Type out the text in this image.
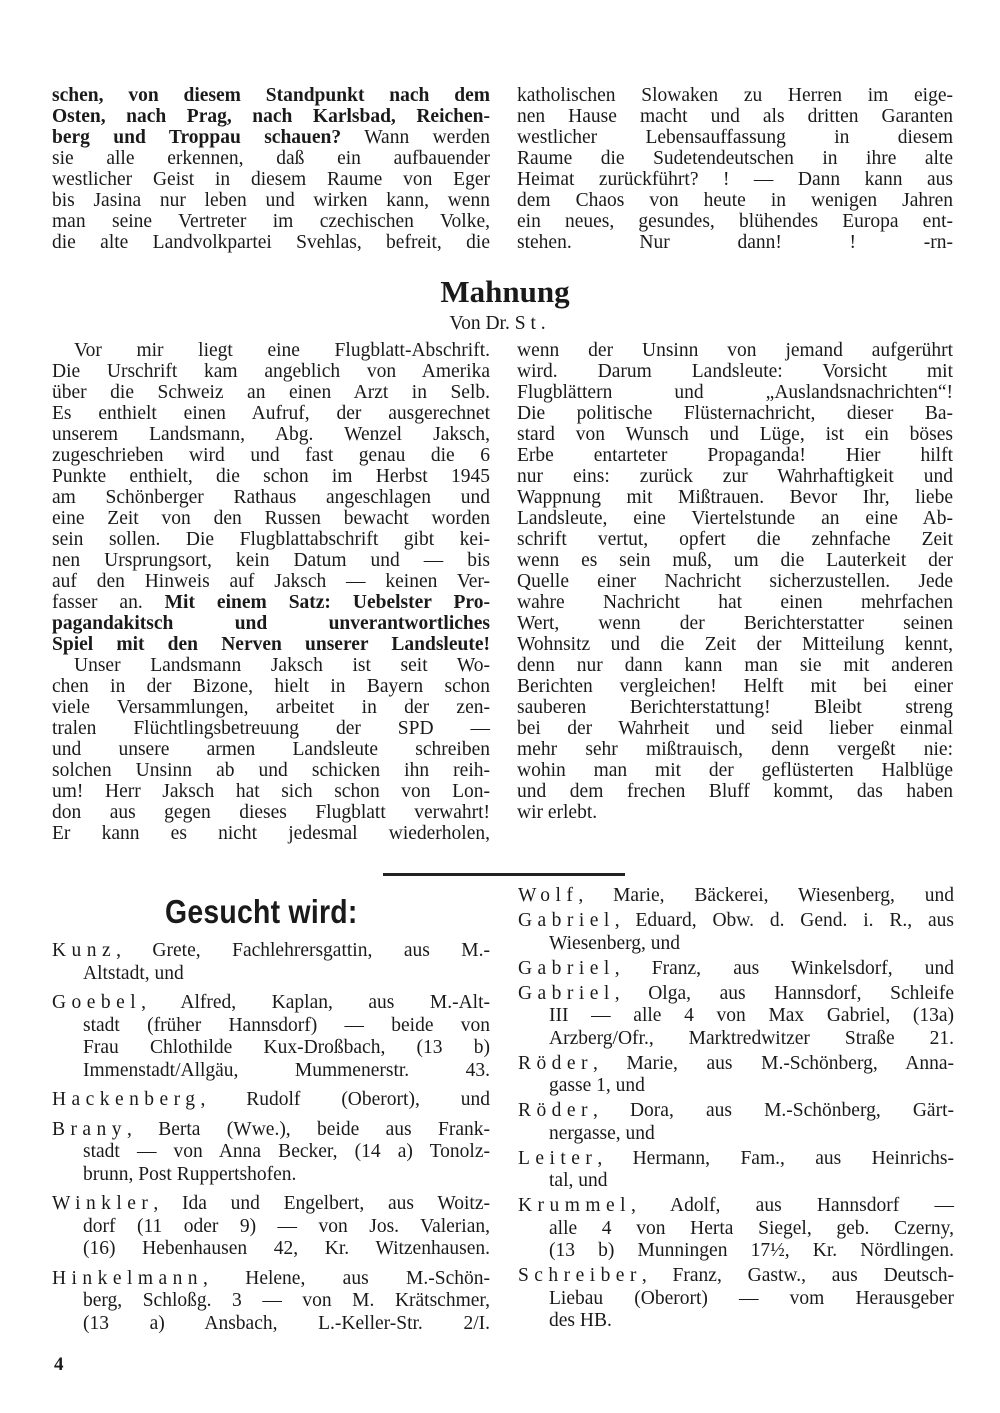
schen, von diesem Standpunkt nach dem
Osten, nach Prag, nach Karlsbad, Reichen-
berg und Troppau schauen? Wann werden
sie alle erkennen, daß ein aufbauender
westlicher Geist in diesem Raume von Eger
bis Jasina nur leben und wirken kann, wenn
man seine Vertreter im czechischen Volke,
die alte Landvolkpartei Svehlas, befreit, die
katholischen Slowaken zu Herren im eige-
nen Hause macht und als dritten Garanten
westlicher Lebensauffassung in diesem
Raume die Sudetendeutschen in ihre alte
Heimat zurückführt? ! — Dann kann aus
dem Chaos von heute in wenigen Jahren
ein neues, gesundes, blühendes Europa ent-
stehen. Nur dann! ! -rn-
Mahnung
Von Dr. St.
Vor mir liegt eine Flugblatt-Abschrift.
Die Urschrift kam angeblich von Amerika
über die Schweiz an einen Arzt in Selb.
Es enthielt einen Aufruf, der ausgerechnet
unserem Landsmann, Abg. Wenzel Jaksch,
zugeschrieben wird und fast genau die 6
Punkte enthielt, die schon im Herbst 1945
am Schönberger Rathaus angeschlagen und
eine Zeit von den Russen bewacht worden
sein sollen. Die Flugblattabschrift gibt kei-
nen Ursprungsort, kein Datum und — bis
auf den Hinweis auf Jaksch — keinen Ver-
fasser an. Mit einem Satz: Uebelster Pro-
pagandakitsch und unverantwortliches
Spiel mit den Nerven unserer Landsleute!
Unser Landsmann Jaksch ist seit Wo-
chen in der Bizone, hielt in Bayern schon
viele Versammlungen, arbeitet in der zen-
tralen Flüchtlingsbetreuung der SPD —
und unsere armen Landsleute schreiben
solchen Unsinn ab und schicken ihn reih-
um! Herr Jaksch hat sich schon von Lon-
don aus gegen dieses Flugblatt verwahrt!
Er kann es nicht jedesmal wiederholen,
wenn der Unsinn von jemand aufgerührt
wird. Darum Landsleute: Vorsicht mit
Flugblättern und „Auslandsnachrichten“!
Die politische Flüsternachricht, dieser Ba-
stard von Wunsch und Lüge, ist ein böses
Erbe entarteter Propaganda! Hier hilft
nur eins: zurück zur Wahrhaftigkeit und
Wappnung mit Mißtrauen. Bevor Ihr, liebe
Landsleute, eine Viertelstunde an eine Ab-
schrift vertut, opfert die zehnfache Zeit
wenn es sein muß, um die Lauterkeit der
Quelle einer Nachricht sicherzustellen. Jede
wahre Nachricht hat einen mehrfachen
Wert, wenn der Berichterstatter seinen
Wohnsitz und die Zeit der Mitteilung kennt,
denn nur dann kann man sie mit anderen
Berichten vergleichen! Helft mit bei einer
sauberen Berichterstattung! Bleibt streng
bei der Wahrheit und seid lieber einmal
mehr sehr mißtrauisch, denn vergeßt nie:
wohin man mit der geflüsterten Halblüge
und dem frechen Bluff kommt, das haben
wir erlebt.
Gesucht wird:
Kunz, Grete, Fachlehrersgattin, aus M.-
Altstadt, und
Goebel, Alfred, Kaplan, aus M.-Alt-
stadt (früher Hannsdorf) — beide von
Frau Chlothilde Kux-Droßbach, (13 b)
Immenstadt/Allgäu, Mummenerstr. 43.
Hackenberg, Rudolf (Oberort), und
Brany, Berta (Wwe.), beide aus Frank-
stadt — von Anna Becker, (14 a) Tonolz-
brunn, Post Ruppertshofen.
Winkler, Ida und Engelbert, aus Woitz-
dorf (11 oder 9) — von Jos. Valerian,
(16) Hebenhausen 42, Kr. Witzenhausen.
Hinkelmann, Helene, aus M.-Schön-
berg, Schloßg. 3 — von M. Krätschmer,
(13 a) Ansbach, L.-Keller-Str. 2/I.
Wolf, Marie, Bäckerei, Wiesenberg, und
Gabriel, Eduard, Obw. d. Gend. i. R., aus
Wiesenberg, und
Gabriel, Franz, aus Winkelsdorf, und
Gabriel, Olga, aus Hannsdorf, Schleife
III — alle 4 von Max Gabriel, (13a)
Arzberg/Ofr., Marktredwitzer Straße 21.
Röder, Marie, aus M.-Schönberg, Anna-
gasse 1, und
Röder, Dora, aus M.-Schönberg, Gärt-
nergasse, und
Leiter, Hermann, Fam., aus Heinrichs-
tal, und
Krummel, Adolf, aus Hannsdorf —
alle 4 von Herta Siegel, geb. Czerny,
(13 b) Munningen 17½, Kr. Nördlingen.
Schreiber, Franz, Gastw., aus Deutsch-
Liebau (Oberort) — vom Herausgeber
des HB.
4
